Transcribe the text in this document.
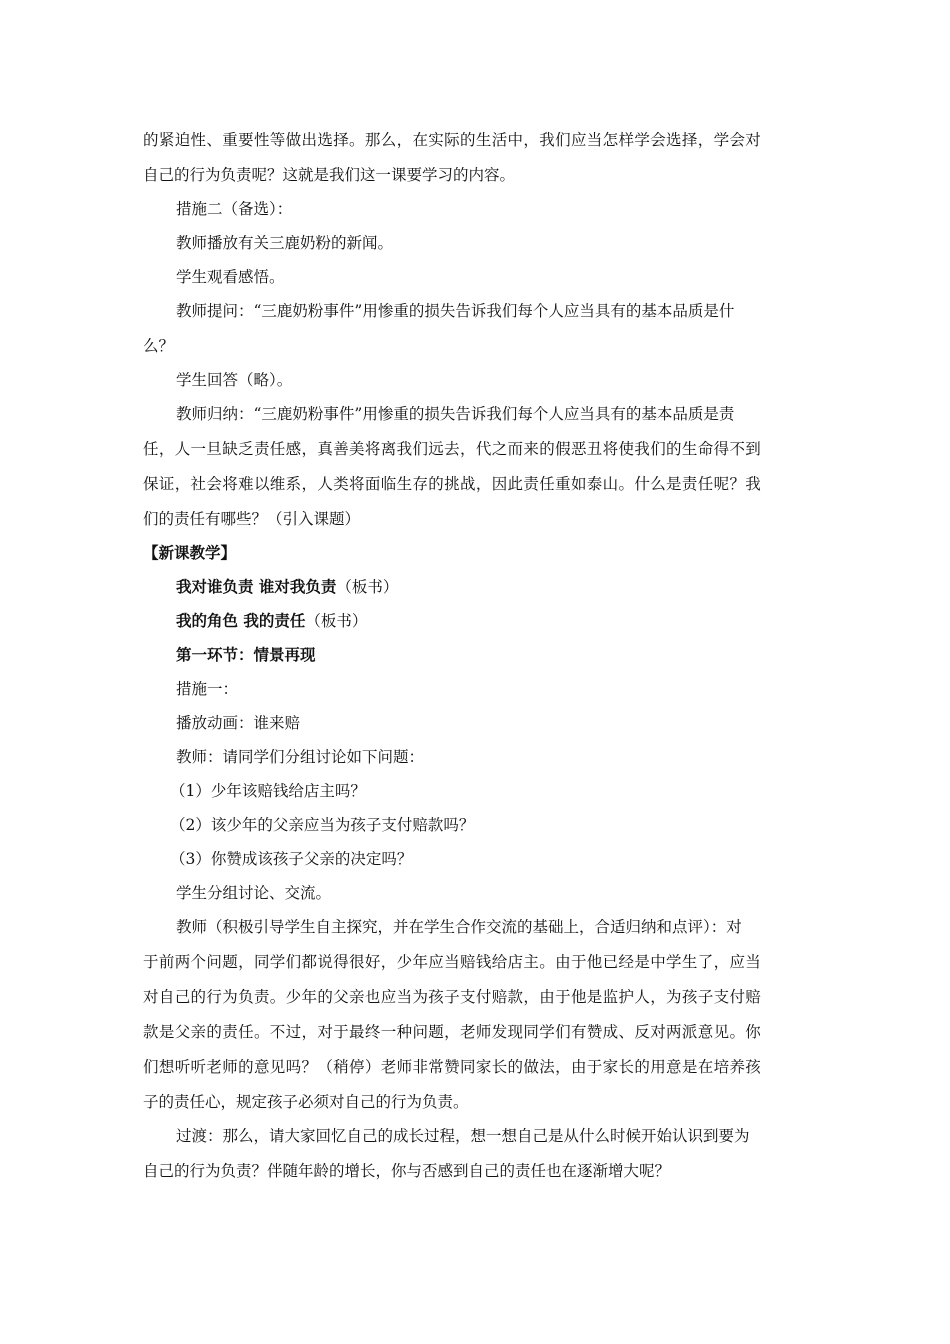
的紧迫性、重要性等做出选择。那么，在实际的生活中，我们应当怎样学会选择，学会对
自己的行为负责呢？这就是我们这一课要学习的内容。
措施二（备选）：
教师播放有关三鹿奶粉的新闻。
学生观看感悟。
教师提问：“三鹿奶粉事件”用惨重的损失告诉我们每个人应当具有的基本品质是什
么？
学生回答（略）。
教师归纳：“三鹿奶粉事件”用惨重的损失告诉我们每个人应当具有的基本品质是责
任，人一旦缺乏责任感，真善美将离我们远去，代之而来的假恶丑将使我们的生命得不到
保证，社会将难以维系，人类将面临生存的挑战，因此责任重如泰山。什么是责任呢？我
们的责任有哪些？（引入课题）
【新课教学】
我对谁负责 谁对我负责（板书）
我的角色 我的责任（板书）
第一环节：情景再现
措施一：
播放动画：谁来赔
教师：请同学们分组讨论如下问题：
（1）少年该赔钱给店主吗？
（2）该少年的父亲应当为孩子支付赔款吗？
（3）你赞成该孩子父亲的决定吗？
学生分组讨论、交流。
教师（积极引导学生自主探究，并在学生合作交流的基础上，合适归纳和点评）：对
于前两个问题，同学们都说得很好，少年应当赔钱给店主。由于他已经是中学生了，应当
对自己的行为负责。少年的父亲也应当为孩子支付赔款，由于他是监护人，为孩子支付赔
款是父亲的责任。不过，对于最终一种问题，老师发现同学们有赞成、反对两派意见。你
们想听听老师的意见吗？（稍停）老师非常赞同家长的做法，由于家长的用意是在培养孩
子的责任心，规定孩子必须对自己的行为负责。
过渡：那么，请大家回忆自己的成长过程，想一想自己是从什么时候开始认识到要为
自己的行为负责？伴随年龄的增长，你与否感到自己的责任也在逐渐增大呢？
